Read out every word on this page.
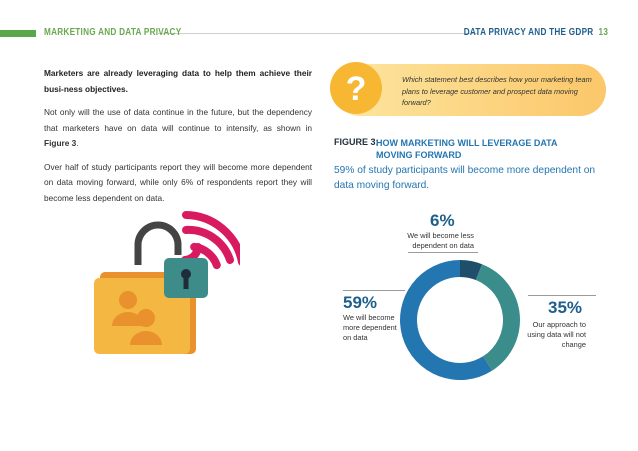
MARKETING AND DATA PRIVACY	DATA PRIVACY AND THE GDPR 13

Marketers are already leveraging data to help them achieve their busi-ness objectives.

Not only will the use of data continue in the future, but the dependency that marketers have on data will continue to intensify, as shown in Figure 3.

Over half of study participants report they will become more dependent on data moving forward, while only 6% of respondents report they will become less dependent on data.

?	Which statement best describes how your marketing team plans to leverage customer and prospect data moving forward?
FIGURE 3:
HOW MARKETING WILL LEVERAGE DATA MOVING FORWARD
59% of study participants will become more dependent on data moving forward.
6%
We will become less dependent on data
35%
Our approach to using data will not change
59%
We will become more dependent on data
